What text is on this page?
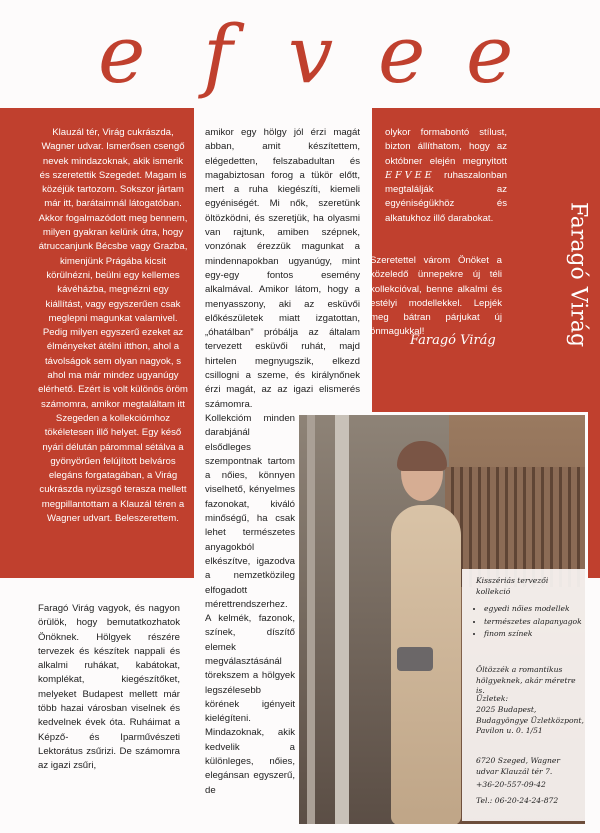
e f v e e
Klauzál tér, Virág cukrászda, Wagner udvar. Ismerősen csengő nevek mindazoknak, akik ismerik és szeretettik Szegedet. Magam is közéjük tartozom. Sokszor jártam már itt, barátaimnál látogatóban. Akkor fogalmazódott meg bennem, milyen gyakran kelünk útra, hogy átruccanjunk Bécsbe vagy Grazba, kimenjünk Prágába kicsit körülnézni, beülni egy kellemes kávéházba, megnézni egy kiállítást, vagy egyszerűen csak meglepni magunkat valamivel. Pedig milyen egyszerű ezeket az élményeket átélni itthon, ahol a távolságok sem olyan nagyok, s ahol ma már mindez ugyanúgy elérhető. Ezért is volt különös öröm számomra, amikor megtaláltam itt Szegeden a kollekciómhoz tökéletesen illő helyet. Egy késő nyári délután párommal sétálva a gyönyörűen felújított belváros elegáns forgatagában, a Virág cukrászda nyüzsgő terasza mellett megpillantottam a Klauzál téren a Wagner udvart. Beleszerettem.
amikor egy hölgy jól érzi magát abban, amit készítettem, elégedetten, felszabadultan és magabiztosan forog a tükör előtt, mert a ruha kiegészíti, kiemeli egyéniségét. Mi nők, szeretünk öltözködni, és szeretjük, ha olyasmi van rajtunk, amiben szépnek, vonzónak érezzük magunkat a mindennapokban ugyanúgy, mint egy-egy fontos esemény alkalmával. Amikor látom, hogy a menyasszony, aki az esküvői előkészületek miatt izgatottan, „óhatálban” próbálja az általam tervezett esküvői ruhát, majd hirtelen megnyugszik, elkezd csillogni a szeme, és királynőnek érzi magát, az az igazi elismerés számomra.
Kollekcióm minden darabjánál elsődleges szempontnak tartom a nőies, könnyen viselhető, kényelmes fazonokat, kiváló minőségű, ha csak lehet természetes anyagokból elkészítve, igazodva a nemzetközileg elfogadott mérettrendszerhez. A kelmék, fazonok, színek, díszítő elemek megválasztásánál törekszem a hölgyek legszélesebb körének igényeit kielégíteni. Mindazoknak, akik kedvelik a különleges, nőies, elegánsan egyszerű, de
olykor formabontó stílust, bizton állíthatom, hogy az októbner elején megnyitott EFVEE ruhaszalonban megtalálják az egyéniségükhöz és alkatukhoz illő darabokat.
Szeretettel várom Önöket a közeledő ünnepekre új téli kollekcióval, benne alkalmi és estélyi modellekkel. Lepjék meg bátran párjukat új önmagukkal!
Faragó Virág	Faragó Virág
Faragó Virág vagyok, és nagyon örülök, hogy bemutatkozhatok Önöknek. Hölgyek részére tervezek és készítek nappali és alkalmi ruhákat, kabátokat, komplékat, kiegészítőket, melyeket Budapest mellett már több hazai városban viselnek és kedvelnek évek óta. Ruháimat a Képző- és Iparművészeti Lektorátus zsűrizi. De számomra az igazi zsűri,
Kisszériás tervezői kollekció
• egyedi nőies modellek
• természetes alapanyagok
• finom színek
Öltözzék a romantikus hölgyeknek, akár méretre is.
Üzletek:
2025 Budapest, Budagyöngye Üzletközpont, Pavilon u. 0. 1/51
6720 Szeged, Wagner udvar Klauzál tér 7.
+36-20-557-09-42
Tel.: 06-20-24-24-872
